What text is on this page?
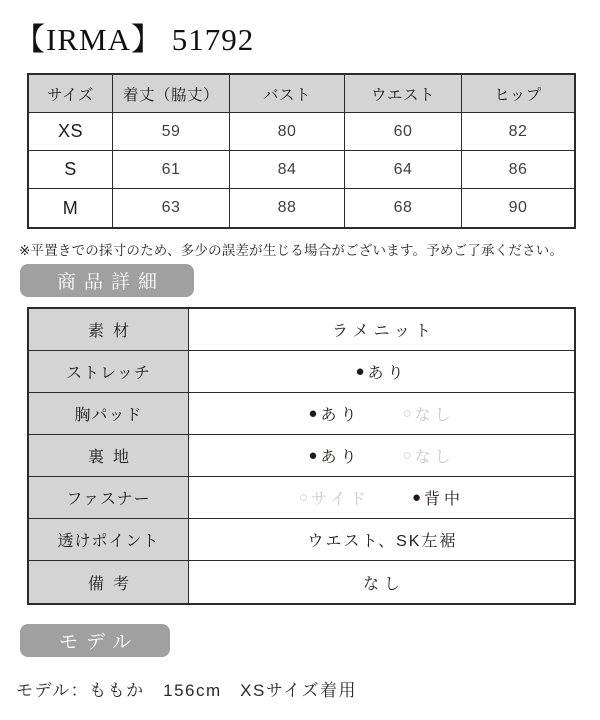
【IRMA】 51792
サイズ	着丈（脇丈）	バスト	ウエスト	ヒップ
XS	59	80	60	82
S	61	84	64	86
M	63	88	68	90
※平置きでの採寸のため、多少の誤差が生じる場合がございます。予めご了承ください。
商品詳細
素材	ラメニット
ストレッチ	● あり
胸パッド	● あり	○ なし
裏地	● あり	○ なし
ファスナー	○ サイド	● 背中
透けポイント	ウエスト、SK左裾
備考	なし
モデル
モデル：ももか　156cm　XSサイズ着用
